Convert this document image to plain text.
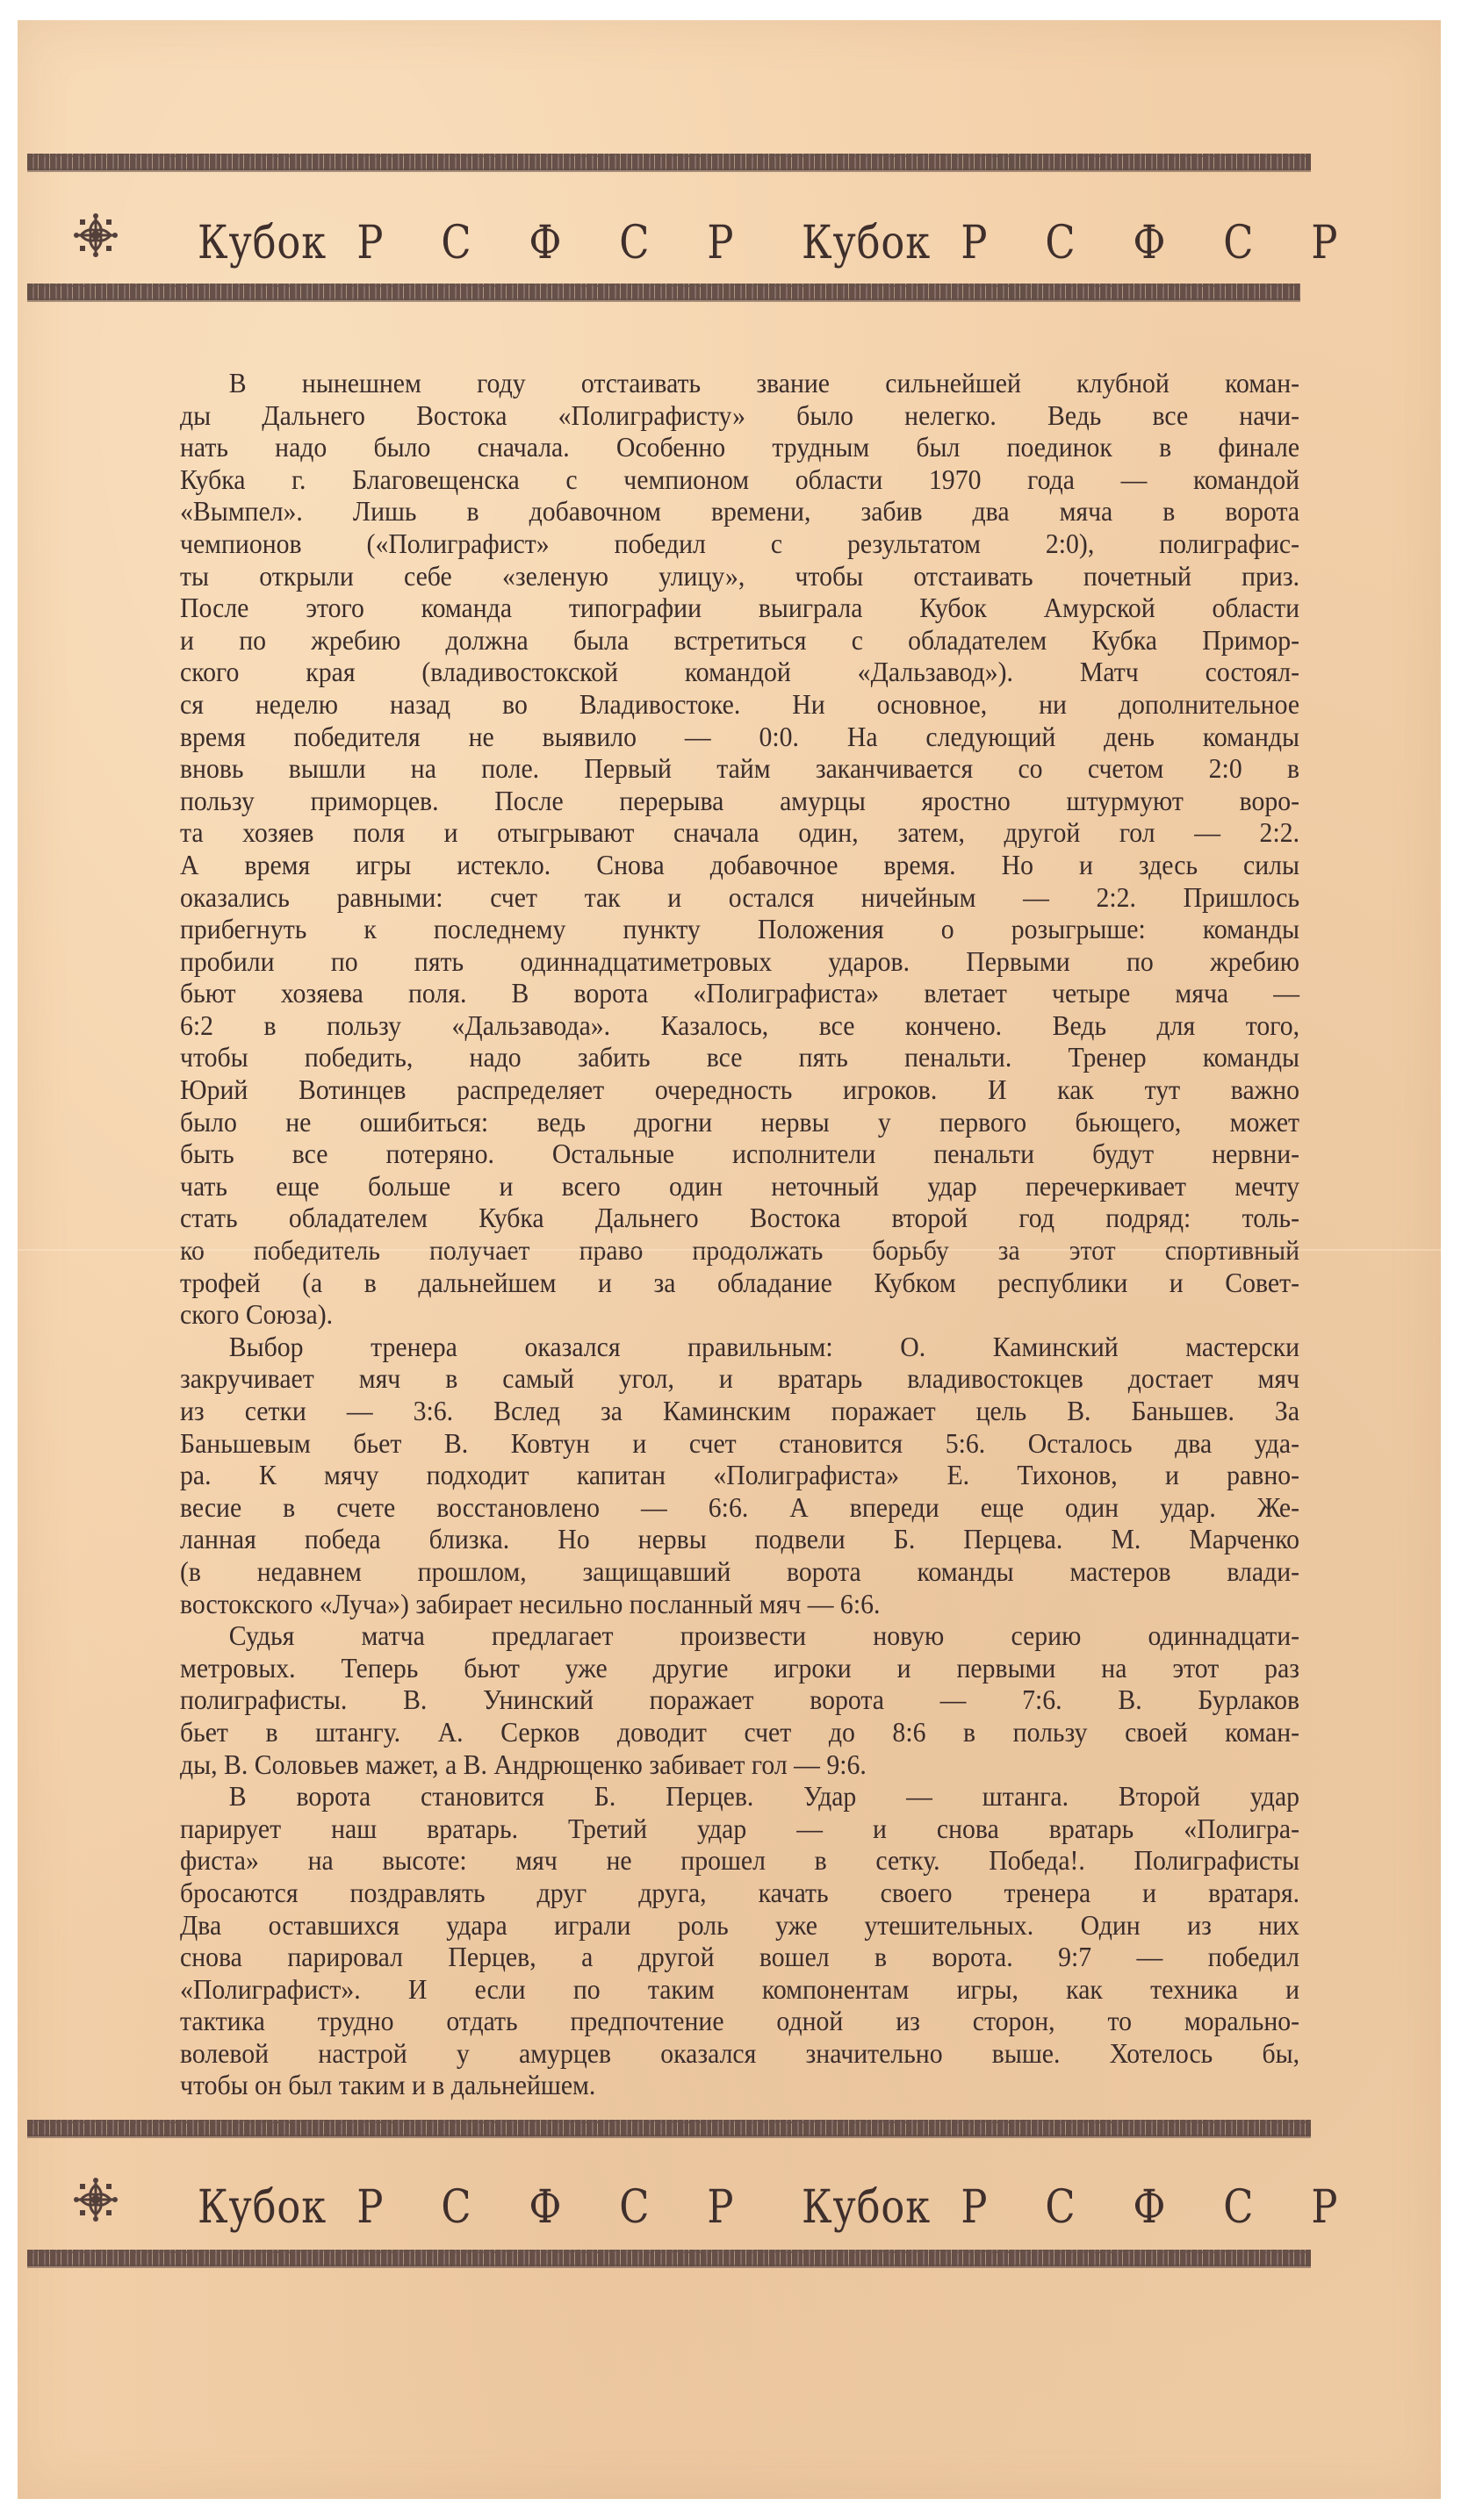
Кубок Р С Ф С Р Кубок Р С Ф С Р
В нынешнем году отстаивать звание сильнейшей клубной коман-
ды Дальнего Востока «Полиграфисту» было нелегко. Ведь все начи-
нать надо было сначала. Особенно трудным был поединок в финале
Кубка г. Благовещенска с чемпионом области 1970 года — командой
«Вымпел». Лишь в добавочном времени, забив два мяча в ворота
чемпионов («Полиграфист» победил с результатом 2:0), полиграфис-
ты открыли себе «зеленую улицу», чтобы отстаивать почетный приз.
После этого команда типографии выиграла Кубок Амурской области
и по жребию должна была встретиться с обладателем Кубка Примор-
ского края (владивостокской командой «Дальзавод»). Матч состоял-
ся неделю назад во Владивостоке. Ни основное, ни дополнительное
время победителя не выявило — 0:0. На следующий день команды
вновь вышли на поле. Первый тайм заканчивается со счетом 2:0 в
пользу приморцев. После перерыва амурцы яростно штурмуют воро-
та хозяев поля и отыгрывают сначала один, затем, другой гол — 2:2.
А время игры истекло. Снова добавочное время. Но и здесь силы
оказались равными: счет так и остался ничейным — 2:2. Пришлось
прибегнуть к последнему пункту Положения о розыгрыше: команды
пробили по пять одиннадцатиметровых ударов. Первыми по жребию
бьют хозяева поля. В ворота «Полиграфиста» влетает четыре мяча —
6:2 в пользу «Дальзавода». Казалось, все кончено. Ведь для того,
чтобы победить, надо забить все пять пенальти. Тренер команды
Юрий Вотинцев распределяет очередность игроков. И как тут важно
было не ошибиться: ведь дрогни нервы у первого бьющего, может
быть все потеряно. Остальные исполнители пенальти будут нервни-
чать еще больше и всего один неточный удар перечеркивает мечту
стать обладателем Кубка Дальнего Востока второй год подряд: толь-
ко победитель получает право продолжать борьбу за этот спортивный
трофей (а в дальнейшем и за обладание Кубком республики и Совет-
ского Союза).
Выбор тренера оказался правильным: О. Каминский мастерски
закручивает мяч в самый угол, и вратарь владивостокцев достает мяч
из сетки — 3:6. Вслед за Каминским поражает цель В. Баньшев. За
Баньшевым бьет В. Ковтун и счет становится 5:6. Осталось два уда-
ра. К мячу подходит капитан «Полиграфиста» Е. Тихонов, и равно-
весие в счете восстановлено — 6:6. А впереди еще один удар. Же-
ланная победа близка. Но нервы подвели Б. Перцева. М. Марченко
(в недавнем прошлом, защищавший ворота команды мастеров влади-
востокского «Луча») забирает несильно посланный мяч — 6:6.
Судья матча предлагает произвести новую серию одиннадцати-
метровых. Теперь бьют уже другие игроки и первыми на этот раз
полиграфисты. В. Унинский поражает ворота — 7:6. В. Бурлаков
бьет в штангу. А. Серков доводит счет до 8:6 в пользу своей коман-
ды, В. Соловьев мажет, а В. Андрющенко забивает гол — 9:6.
В ворота становится Б. Перцев. Удар — штанга. Второй удар
парирует наш вратарь. Третий удар — и снова вратарь «Полигра-
фиста» на высоте: мяч не прошел в сетку. Победа!. Полиграфисты
бросаются поздравлять друг друга, качать своего тренера и вратаря.
Два оставшихся удара играли роль уже утешительных. Один из них
снова парировал Перцев, а другой вошел в ворота. 9:7 — победил
«Полиграфист». И если по таким компонентам игры, как техника и
тактика трудно отдать предпочтение одной из сторон, то морально-
волевой настрой у амурцев оказался значительно выше. Хотелось бы,
чтобы он был таким и в дальнейшем.
Кубок Р С Ф С Р Кубок Р С Ф С Р
